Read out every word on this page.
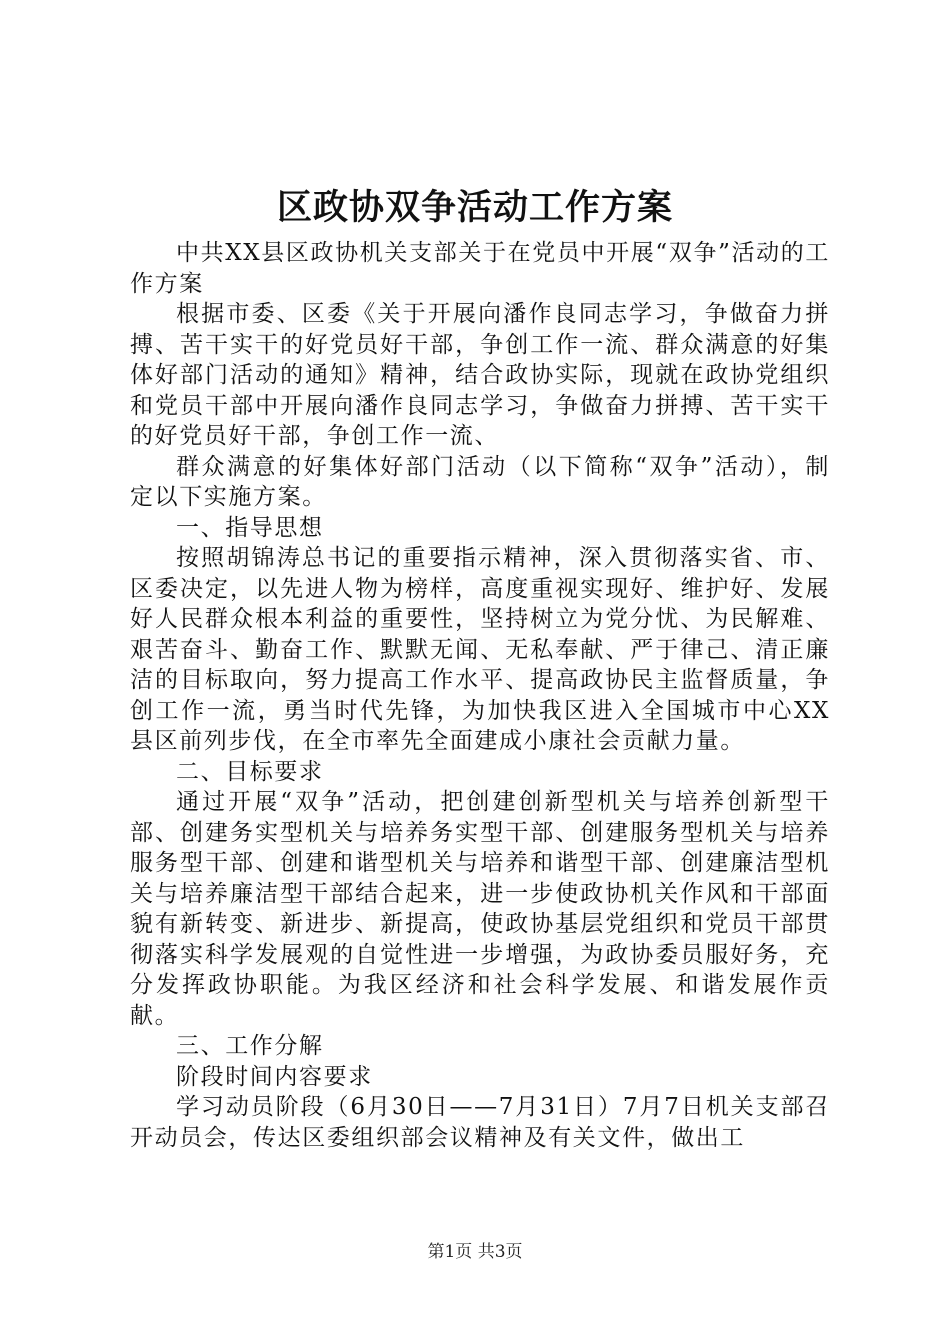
区政协双争活动工作方案

中共XX县区政协机关支部关于在党员中开展“双争”活动的工作方案

根据市委、区委《关于开展向潘作良同志学习，争做奋力拼搏、苦干实干的好党员好干部，争创工作一流、群众满意的好集体好部门活动的通知》精神，结合政协实际，现就在政协党组织和党员干部中开展向潘作良同志学习，争做奋力拼搏、苦干实干的好党员好干部，争创工作一流、

群众满意的好集体好部门活动（以下简称“双争”活动），制定以下实施方案。

一、指导思想

按照胡锦涛总书记的重要指示精神，深入贯彻落实省、市、区委决定，以先进人物为榜样，高度重视实现好、维护好、发展好人民群众根本利益的重要性，坚持树立为党分忧、为民解难、艰苦奋斗、勤奋工作、默默无闻、无私奉献、严于律己、清正廉洁的目标取向，努力提高工作水平、提高政协民主监督质量，争创工作一流，勇当时代先锋，为加快我区进入全国城市中心XX县区前列步伐，在全市率先全面建成小康社会贡献力量。

二、目标要求

通过开展“双争”活动，把创建创新型机关与培养创新型干部、创建务实型机关与培养务实型干部、创建服务型机关与培养服务型干部、创建和谐型机关与培养和谐型干部、创建廉洁型机关与培养廉洁型干部结合起来，进一步使政协机关作风和干部面貌有新转变、新进步、新提高，使政协基层党组织和党员干部贯彻落实科学发展观的自觉性进一步增强，为政协委员服好务，充分发挥政协职能。为我区经济和社会科学发展、和谐发展作贡献。

三、工作分解

阶段时间内容要求

学习动员阶段（6月30日——7月31日）7月7日机关支部召开动员会，传达区委组织部会议精神及有关文件，做出工

第1页 共3页
